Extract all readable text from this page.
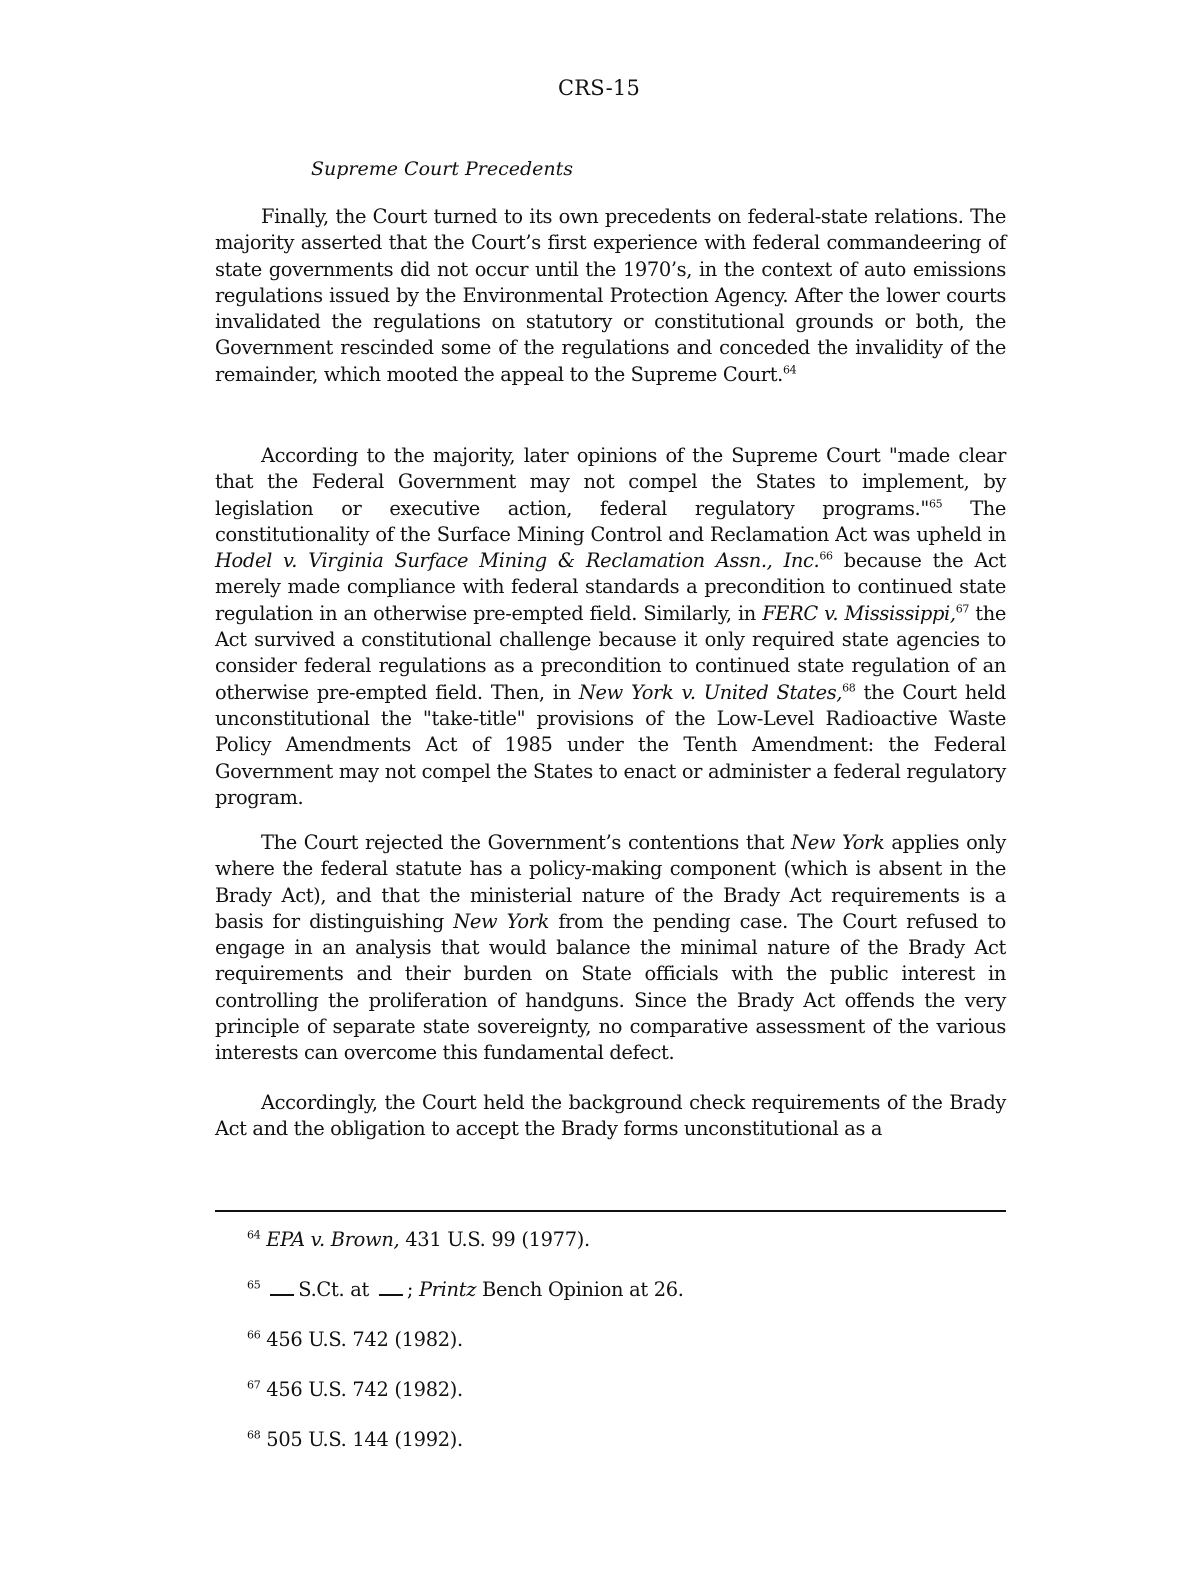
CRS-15
Supreme Court Precedents

Finally, the Court turned to its own precedents on federal-state relations. The majority asserted that the Court’s first experience with federal commandeering of state governments did not occur until the 1970’s, in the context of auto emissions regulations issued by the Environmental Protection Agency. After the lower courts invalidated the regulations on statutory or constitutional grounds or both, the Government rescinded some of the regulations and conceded the invalidity of the remainder, which mooted the appeal to the Supreme Court.$^{64}$

According to the majority, later opinions of the Supreme Court "made clear that the Federal Government may not compel the States to implement, by legislation or executive action, federal regulatory programs."$^{65}$ The constitutionality of the Surface Mining Control and Reclamation Act was upheld in Hodel v. Virginia Surface Mining & Reclamation Assn., Inc.$^{66}$ because the Act merely made compliance with federal standards a precondition to continued state regulation in an otherwise pre-empted field. Similarly, in FERC v. Mississippi,$^{67}$ the Act survived a constitutional challenge because it only required state agencies to consider federal regulations as a precondition to continued state regulation of an otherwise pre-empted field. Then, in New York v. United States,$^{68}$ the Court held unconstitutional the "take-title" provisions of the Low-Level Radioactive Waste Policy Amendments Act of 1985 under the Tenth Amendment: the Federal Government may not compel the States to enact or administer a federal regulatory program.

The Court rejected the Government’s contentions that New York applies only where the federal statute has a policy-making component (which is absent in the Brady Act), and that the ministerial nature of the Brady Act requirements is a basis for distinguishing New York from the pending case. The Court refused to engage in an analysis that would balance the minimal nature of the Brady Act requirements and their burden on State officials with the public interest in controlling the proliferation of handguns. Since the Brady Act offends the very principle of separate state sovereignty, no comparative assessment of the various interests can overcome this fundamental defect.

Accordingly, the Court held the background check requirements of the Brady Act and the obligation to accept the Brady forms unconstitutional as a

$^{64}$ EPA v. Brown, 431 U.S. 99 (1977).
$^{65}$ S.Ct. at ; Printz Bench Opinion at 26.
$^{66}$ 456 U.S. 742 (1982).
$^{67}$ 456 U.S. 742 (1982).
$^{68}$ 505 U.S. 144 (1992).
